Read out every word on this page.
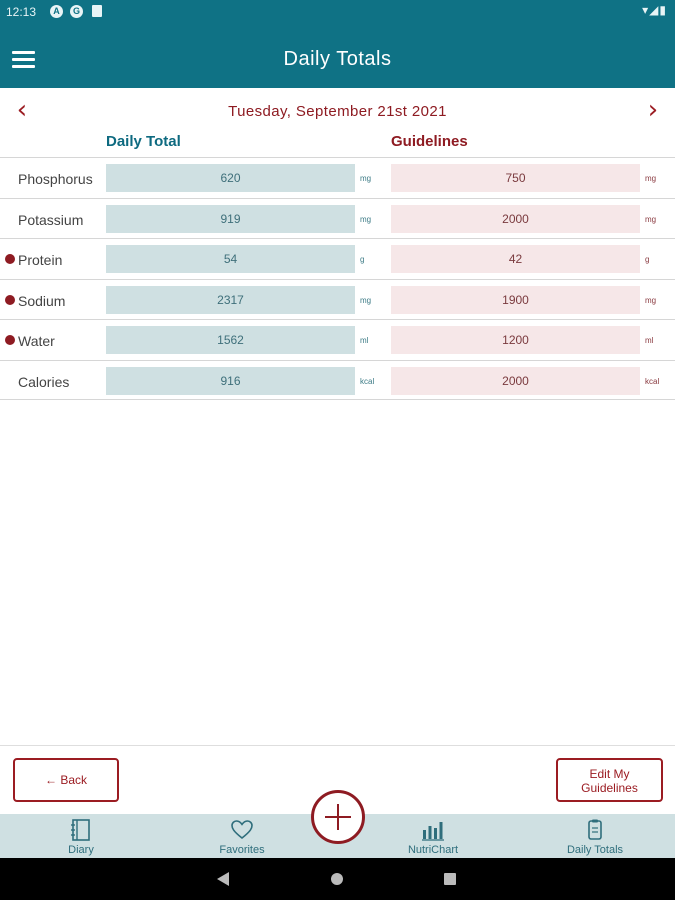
12:13	A	G	▾◢▮
Daily Totals
‹	Tuesday, September 21st 2021	›
Daily Total	Guidelines
Phosphorus	620	mg	750	mg
Potassium	919	mg	2000	mg
Protein	54	g	42	g
Sodium	2317	mg	1900	mg
Water	1562	ml	1200	ml
Calories	916	kcal	2000	kcal
← Back	Edit My
Guidelines
Diary	Favorites	NutriChart	Daily Totals
